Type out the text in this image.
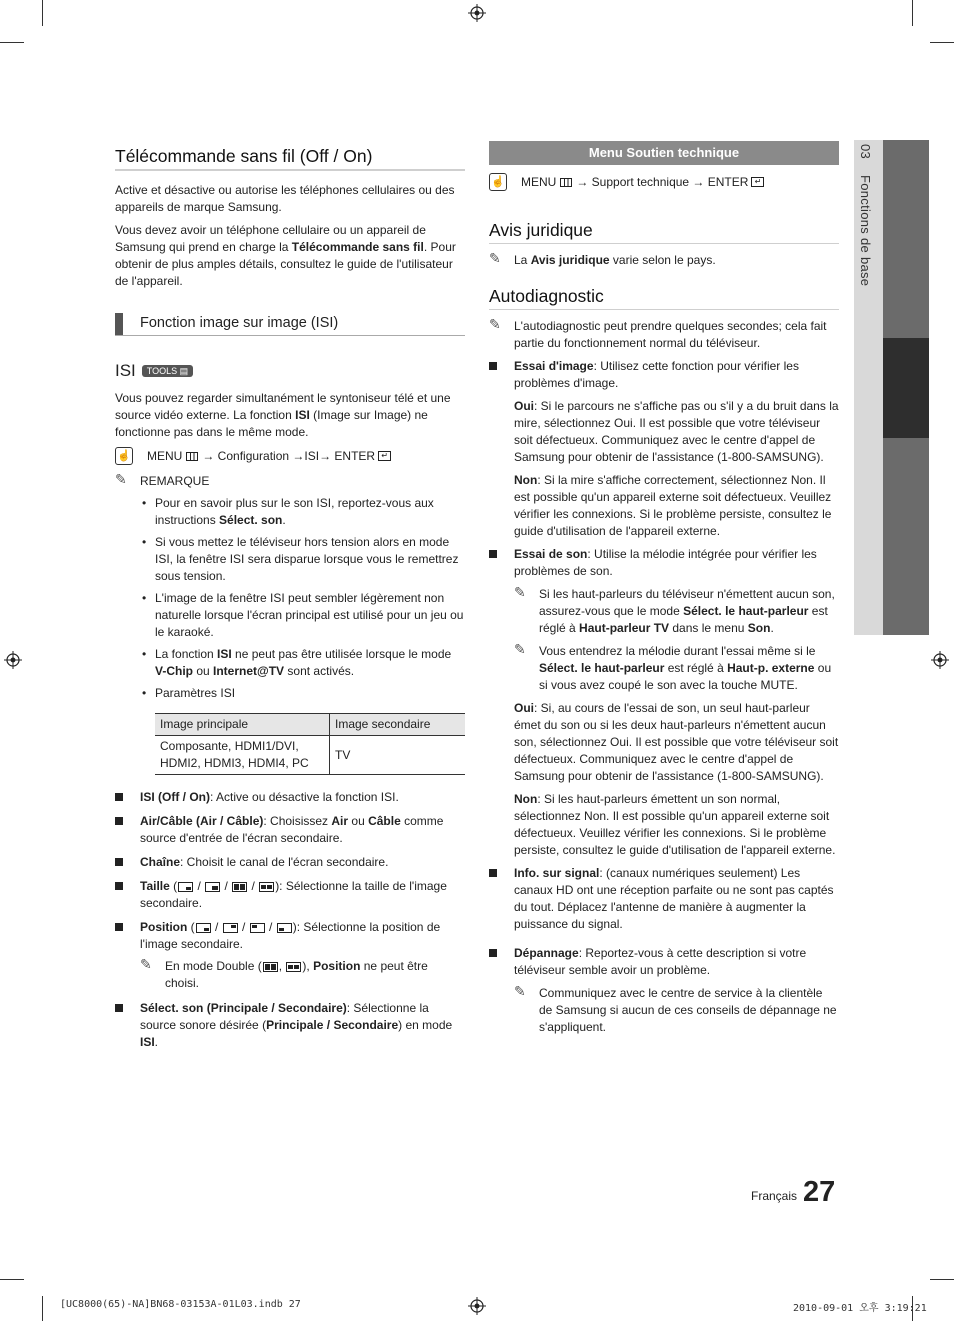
03 Fonctions de base
Télécommande sans fil (Off / On)

Active et désactive ou autorise les téléphones cellulaires ou des appareils de marque Samsung.

Vous devez avoir un téléphone cellulaire ou un appareil de Samsung qui prend en charge la Télécommande sans fil. Pour obtenir de plus amples détails, consultez le guide de l'utilisateur de l'appareil.

Fonction image sur image (ISI)
ISI	TOOLS ▤

Vous pouvez regarder simultanément le syntoniseur télé et une source vidéo externe. La fonction ISI (Image sur Image) ne fonctionne pas dans le même mode.

☝ MENU → Configuration → ISI → ENTER ↵
✎ REMARQUE
• Pour en savoir plus sur le son ISI, reportez-vous aux instructions Sélect. son.
• Si vous mettez le téléviseur hors tension alors en mode ISI, la fenêtre ISI sera disparue lorsque vous le remettrez sous tension.
• L'image de la fenêtre ISI peut sembler légèrement non naturelle lorsque l'écran principal est utilisé pour un jeu ou le karaoké.
• La fonction ISI ne peut pas être utilisée lorsque le mode V-Chip ou Internet@TV sont activés.
• Paramètres ISI
Image principale	Image secondaire
Composante, HDMI1/DVI, HDMI2, HDMI3, HDMI4, PC	TV
ISI (Off / On): Active ou désactive la fonction ISI.
Air/Câble (Air / Câble): Choisissez Air ou Câble comme source d'entrée de l'écran secondaire.
Chaîne: Choisit le canal de l'écran secondaire.
Taille (
/
/
/
): Sélectionne la taille de l'image secondaire.
Position (
/
/
/
): Sélectionne la position de l'image secondaire.
✎ En mode Double ( ,
), Position ne peut être choisi.
Sélect. son (Principale / Secondaire): Sélectionne la source sonore désirée (Principale / Secondaire) en mode ISI.
Menu Soutien technique
☝ MENU → Support technique → ENTER ↵
Avis juridique
✎ La Avis juridique varie selon le pays.
Autodiagnostic
✎ L'autodiagnostic peut prendre quelques secondes; cela fait partie du fonctionnement normal du téléviseur.
Essai d'image: Utilisez cette fonction pour vérifier les problèmes d'image.

Oui: Si le parcours ne s'affiche pas ou s'il y a du bruit dans la mire, sélectionnez Oui. Il est possible que votre téléviseur soit défectueux. Communiquez avec le centre d'appel de Samsung pour obtenir de l'assistance (1-800-SAMSUNG).

Non: Si la mire s'affiche correctement, sélectionnez Non. Il est possible qu'un appareil externe soit défectueux. Veuillez vérifier les connexions. Si le problème persiste, consultez le guide d'utilisation de l'appareil externe.

Essai de son: Utilise la mélodie intégrée pour vérifier les problèmes de son.
✎ Si les haut-parleurs du téléviseur n'émettent aucun son, assurez-vous que le mode Sélect. le haut-parleur est réglé à Haut-parleur TV dans le menu Son.
✎ Vous entendrez la mélodie durant l'essai même si le Sélect. le haut-parleur est réglé à Haut-p. externe ou si vous avez coupé le son avec la touche MUTE.

Oui: Si, au cours de l'essai de son, un seul haut-parleur émet du son ou si les deux haut-parleurs n'émettent aucun son, sélectionnez Oui. Il est possible que votre téléviseur soit défectueux. Communiquez avec le centre d'appel de Samsung pour obtenir de l'assistance (1-800-SAMSUNG).

Non: Si les haut-parleurs émettent un son normal, sélectionnez Non. Il est possible qu'un appareil externe soit défectueux. Veuillez vérifier les connexions. Si le problème persiste, consultez le guide d'utilisation de l'appareil externe.

Info. sur signal: (canaux numériques seulement) Les canaux HD ont une réception parfaite ou ne sont pas captés du tout. Déplacez l'antenne de manière à augmenter la puissance du signal.
Dépannage: Reportez-vous à cette description si votre téléviseur semble avoir un problème.
✎ Communiquez avec le centre de service à la clientèle de Samsung si aucun de ces conseils de dépannage ne s'appliquent.
Français 27
[UC8000(65)-NA]BN68-03153A-01L03.indb 27	2010-09-01 오후 3:19:21
